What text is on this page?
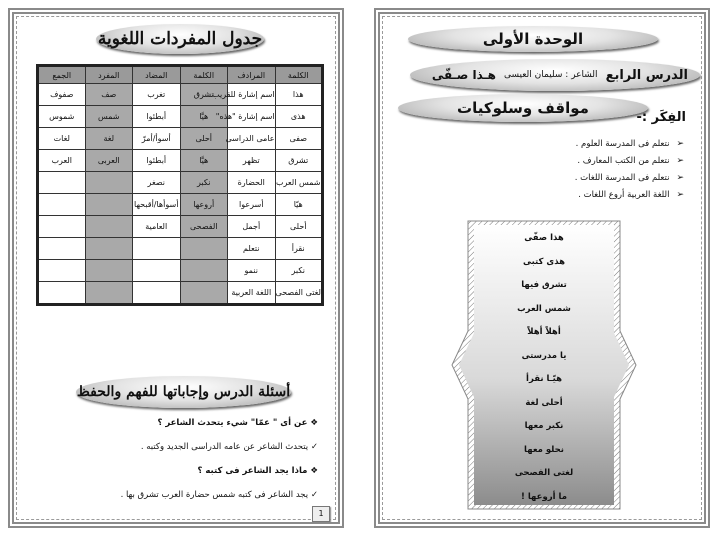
جدول المفردات اللغوية
الكلمة	المرادف	الكلمة	المضاد	المفرد	الجمع
هذا	اسم إشارة للقريب	تشرق	تغرب	صف	صفوف
هذى	اسم إشارة "هذه"	هيَّا	أبطئوا	شمس	شموس
صفى	عامى الدراسى	أحلى	أسوأ/أمرّ	لغة	لغات
تشرق	تظهر	هيَّا	أبطئوا	العربى	العرب
شمس العرب	الحضارة	نكبر	نصغر		
هيّا	أسرعوا	أروعها	أسوأها/أقبحها		
أحلى	أجمل	الفصحى	العامية		
نقرأ	نتعلم				
نكبر	ننمو				
لغتى الفصحى	اللغة العربية				
أسئلة الدرس وإجاباتها للفهم والحفظ
❖ عن أى " عمّا" شيء يتحدث الشاعر ؟
✓ يتحدث الشاعر عن عامه الدراسى الجديد وكتبه .
❖ ماذا يجد الشاعر فى كتبه ؟
✓ يجد الشاعر فى كتبه شمس حضارة العرب تشرق بها .
1
الوحدة الأولى
الدرس الرابع
الشاعر : سليمان العيسى
هـذا صـفّى
مواقف وسلوكيات
الفِكَر :-
➢نتعلم فى المدرسة العلوم .
➢نتعلم من الكتب المعارف .
➢نتعلم فى المدرسة اللغات .
➢اللغة العربية أروع اللغات .
هذا صفّى
هذى كتبى
تشرق فيها
شمس العرب
أهلاً أهلاً
يا مدرستى
هيّـا نقرأ
أحلى لغة
نكبر معها
نحلو معها
لغتى الفصحى
ما أروعها !
